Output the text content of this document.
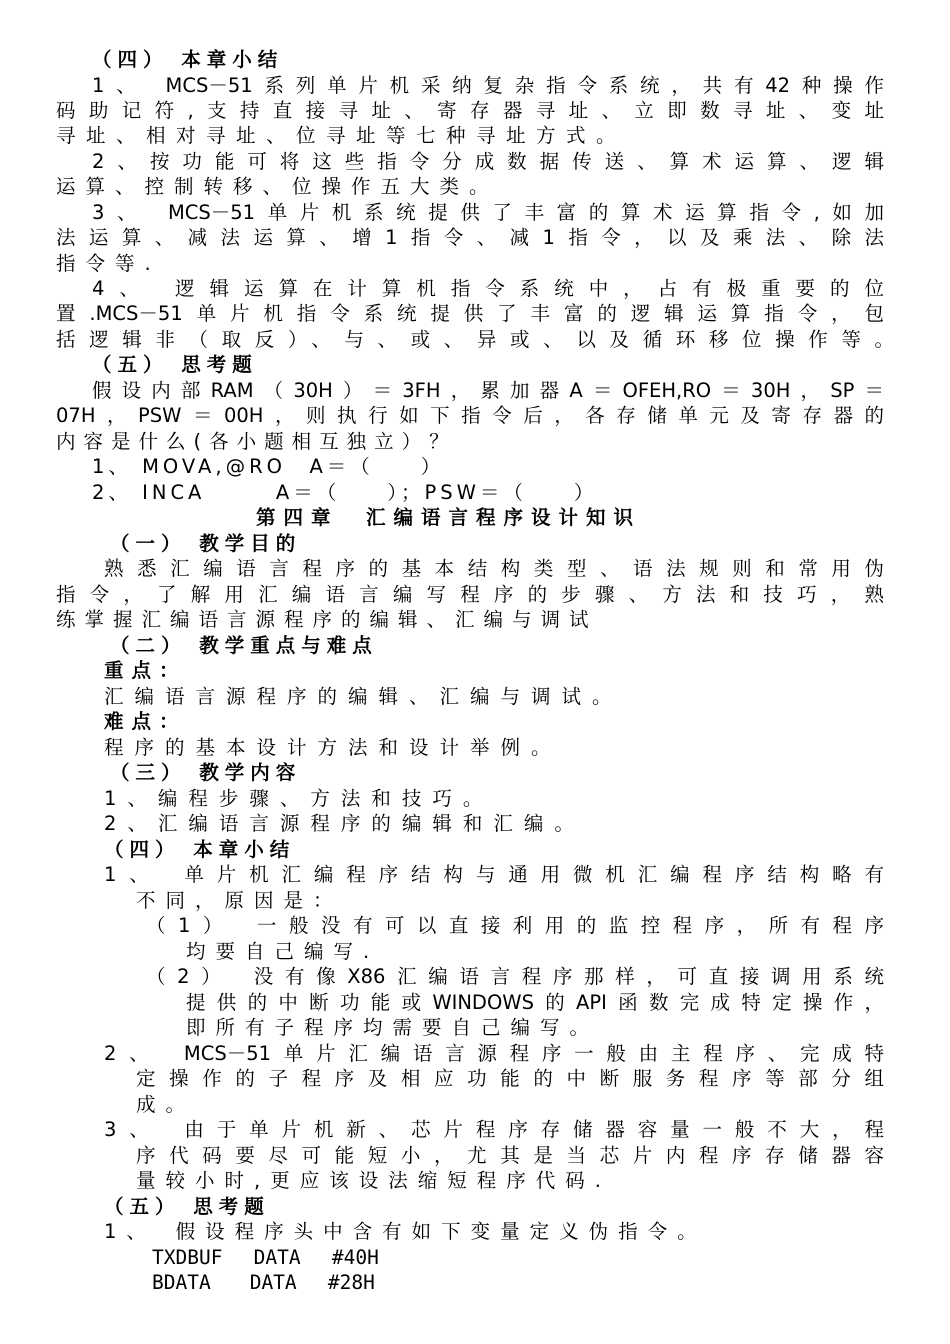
（四） 本章小结
1、 MCS－51系列单片机采纳复杂指令系统，共有42种操作
码助记符,支持直接寻址、寄存器寻址、立即数寻址、变址
寻址、相对寻址、位寻址等七种寻址方式。
2、按功能可将这些指令分成数据传送、算术运算、逻辑
运算、控制转移、位操作五大类。
3、 MCS－51单片机系统提供了丰富的算术运算指令,如加
法运算、减法运算、增1指令、减1指令，以及乘法、除法
指令等.
4、 逻辑运算在计算机指令系统中，占有极重要的位
置.MCS－51单片机指令系统提供了丰富的逻辑运算指令，包
括逻辑非（取反）、与、或、异或、以及循环移位操作等。
（五） 思考题
假设内部RAM（30H）＝3FH，累加器A＝OFEH,RO＝30H，SP＝
07H，PSW＝00H，则执行如下指令后，各存储单元及寄存器的
内容是什么(各小题相互独立）？
1、 MOVA,@RO　A＝（　　）
2、 INCA　　　A＝（　　）；PSW＝（　　）
第四章　汇编语言程序设计知识
（一） 教学目的
熟悉汇编语言程序的基本结构类型、语法规则和常用伪
指令，了解用汇编语言编写程序的步骤、方法和技巧，熟
练掌握汇编语言源程序的编辑、汇编与调试
（二） 教学重点与难点
重点：
汇编语言源程序的编辑、汇编与调试。
难点：
程序的基本设计方法和设计举例。
（三） 教学内容
1、编程步骤、方法和技巧。
2、汇编语言源程序的编辑和汇编。
（四） 本章小结
1、　单片机汇编程序结构与通用微机汇编程序结构略有
不同，原因是：
（1）　一般没有可以直接利用的监控程序，所有程序
均要自己编写.
（2）　没有像X86汇编语言程序那样，可直接调用系统
提供的中断功能或WINDOWS的API函数完成特定操作，
即所有子程序均需要自己编写。
2、　MCS－51单片汇编语言源程序一般由主程序、完成特
定操作的子程序及相应功能的中断服务程序等部分组
成。
3、　由于单片机新、芯片程序存储器容量一般不大，程
序代码要尽可能短小，尤其是当芯片内程序存储器容
量较小时,更应该设法缩短程序代码.
（五） 思考题
1、　假设程序头中含有如下变量定义伪指令。
TXDBUF　 DATA　 #40H
BDATA　　DATA　 #28H
